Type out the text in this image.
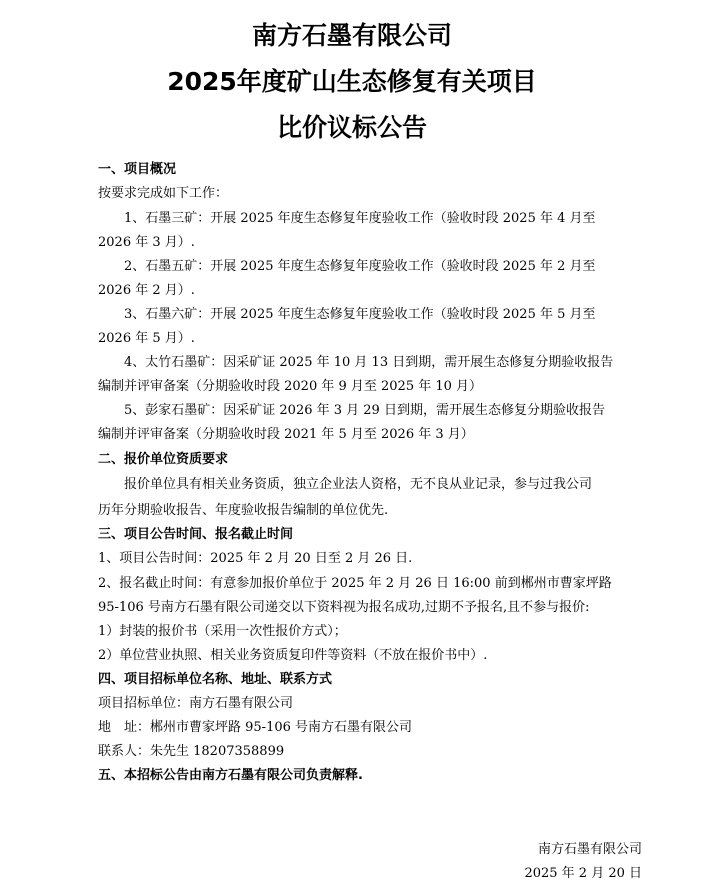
南方石墨有限公司
2025年度矿山生态修复有关项目
比价议标公告
一、项目概况
按要求完成如下工作：
1、石墨三矿：开展 2025 年度生态修复年度验收工作（验收时段 2025 年 4 月至
2026 年 3 月）.
2、石墨五矿：开展 2025 年度生态修复年度验收工作（验收时段 2025 年 2 月至
2026 年 2 月）.
3、石墨六矿：开展 2025 年度生态修复年度验收工作（验收时段 2025 年 5 月至
2026 年 5 月）.
4、太竹石墨矿：因采矿证 2025 年 10 月 13 日到期，需开展生态修复分期验收报告
编制并评审备案（分期验收时段 2020 年 9 月至 2025 年 10 月）
5、彭家石墨矿：因采矿证 2026 年 3 月 29 日到期，需开展生态修复分期验收报告
编制并评审备案（分期验收时段 2021 年 5 月至 2026 年 3 月）
二、报价单位资质要求
报价单位具有相关业务资质，独立企业法人资格，无不良从业记录，参与过我公司
历年分期验收报告、年度验收报告编制的单位优先.
三、项目公告时间、报名截止时间
1、项目公告时间：2025 年 2 月 20 日至 2 月 26 日.
2、报名截止时间：有意参加报价单位于 2025 年 2 月 26 日 16:00 前到郴州市曹家坪路
95-106 号南方石墨有限公司递交以下资料视为报名成功,过期不予报名,且不参与报价:
1）封装的报价书（采用一次性报价方式）；
2）单位营业执照、相关业务资质复印件等资料（不放在报价书中）.
四、项目招标单位名称、地址、联系方式
项目招标单位：南方石墨有限公司
地　址：郴州市曹家坪路 95-106 号南方石墨有限公司
联系人：朱先生 18207358899
五、本招标公告由南方石墨有限公司负责解释.
南方石墨有限公司
2025 年 2 月 20 日
